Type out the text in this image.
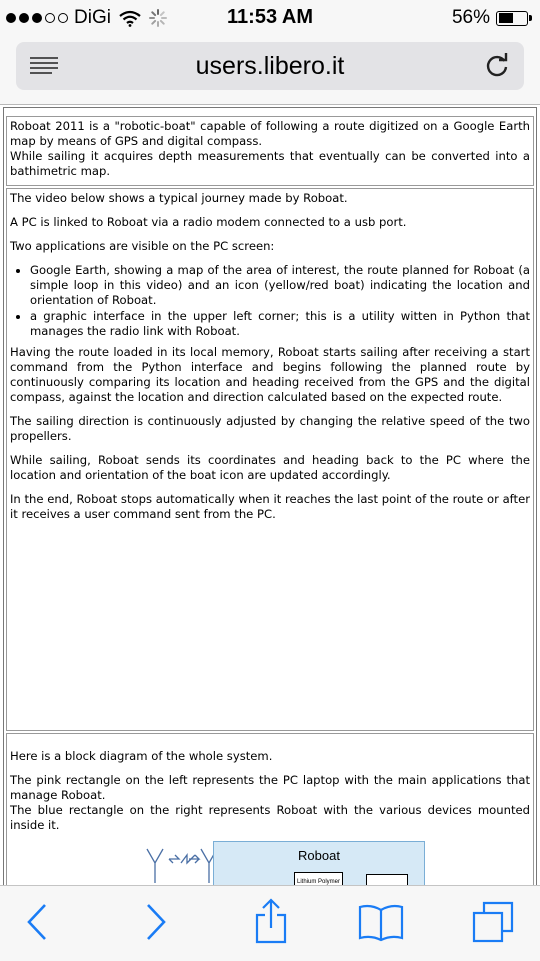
DiGi	11:53 AM	56%
users.libero.it

Roboat 2011 is a "robotic-boat" capable of following a route digitized on a Google Earth map by means of GPS and digital compass.

While sailing it acquires depth measurements that eventually can be converted into a bathimetric map.

The video below shows a typical journey made by Roboat.

A PC is linked to Roboat via a radio modem connected to a usb port.

Two applications are visible on the PC screen:

• Google Earth, showing a map of the area of interest, the route planned for Roboat (a simple loop in this video) and an icon (yellow/red boat) indicating the location and orientation of Roboat.
• a graphic interface in the upper left corner; this is a utility witten in Python that manages the radio link with Roboat.

Having the route loaded in its local memory, Roboat starts sailing after receiving a start command from the Python interface and begins following the planned route by continuously comparing its location and heading received from the GPS and the digital compass, against the location and direction calculated based on the expected route.

The sailing direction is continuously adjusted by changing the relative speed of the two propellers.

While sailing, Roboat sends its coordinates and heading back to the PC where the location and orientation of the boat icon are updated accordingly.

In the end, Roboat stops automatically when it reaches the last point of the route or after it receives a user command sent from the PC.

Here is a block diagram of the whole system.

The pink rectangle on the left represents the PC laptop with the main applications that manage Roboat.

The blue rectangle on the right represents Roboat with the various devices mounted inside it.

Roboat
Lithium Polymer
